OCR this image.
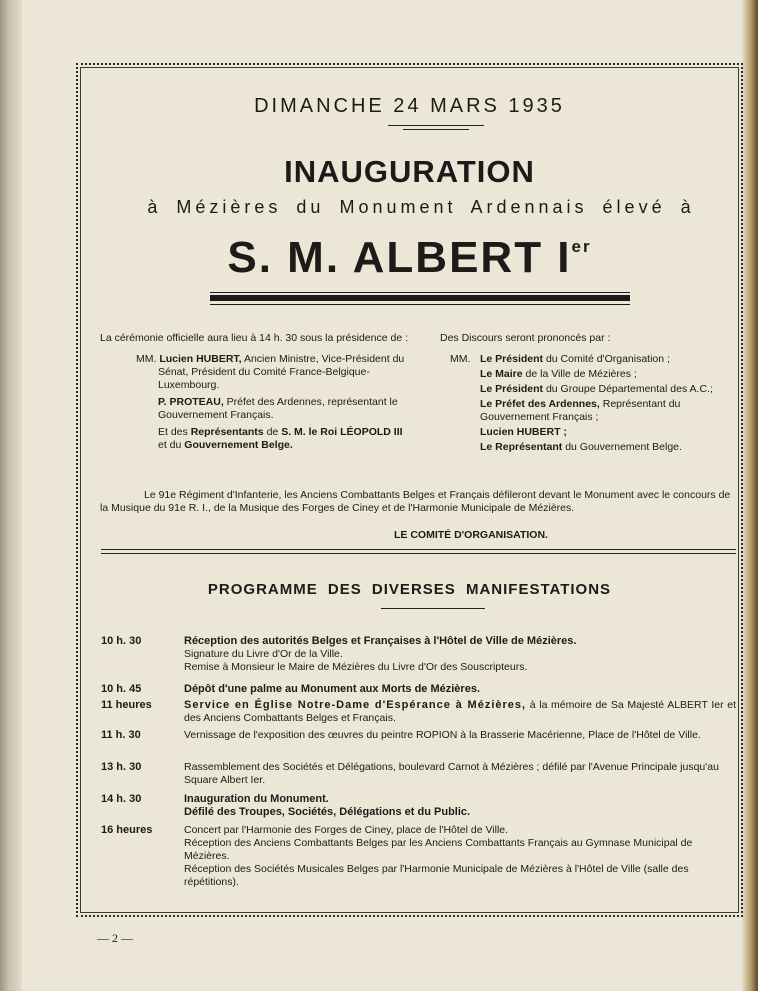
DIMANCHE 24 MARS 1935
INAUGURATION
à Mézières du Monument Ardennais élevé à
S. M. ALBERT Ier

La cérémonie officielle aura lieu à 14 h. 30 sous la présidence de :

MM. Lucien HUBERT, Ancien Ministre, Vice-Président du Sénat, Président du Comité France-Belgique-Luxembourg.

P. PROTEAU, Préfet des Ardennes, représentant le Gouvernement Français.

Et des Représentants de S. M. le Roi LÉOPOLD III et du Gouvernement Belge.

Des Discours seront prononcés par :

MM. Le Président du Comité d'Organisation ;

Le Maire de la Ville de Mézières ;

Le Président du Groupe Départemental des A.C.;

Le Préfet des Ardennes, Représentant du Gouvernement Français ;

Lucien HUBERT ;

Le Représentant du Gouvernement Belge.

Le 91e Régiment d'Infanterie, les Anciens Combattants Belges et Français défileront devant le Monument avec le concours de la Musique du 91e R. I., de la Musique des Forges de Ciney et de l'Harmonie Municipale de Mézières.
LE COMITÉ D'ORGANISATION.
PROGRAMME DES DIVERSES MANIFESTATIONS
10 h. 30	Réception des autorités Belges et Françaises à l'Hôtel de Ville de Mézières.
Signature du Livre d'Or de la Ville.
Remise à Monsieur le Maire de Mézières du Livre d'Or des Souscripteurs.
10 h. 45	Dépôt d'une palme au Monument aux Morts de Mézières.
11 heures	Service en Église Notre-Dame d'Espérance à Mézières, à la mémoire de Sa Majesté ALBERT Ier et des Anciens Combattants Belges et Français.
11 h. 30	Vernissage de l'exposition des œuvres du peintre ROPION à la Brasserie Macérienne, Place de l'Hôtel de Ville.
13 h. 30	Rassemblement des Sociétés et Délégations, boulevard Carnot à Mézières ; défilé par l'Avenue Principale jusqu'au Square Albert Ier.
14 h. 30	Inauguration du Monument.
Défilé des Troupes, Sociétés, Délégations et du Public.
16 heures	Concert par l'Harmonie des Forges de Ciney, place de l'Hôtel de Ville.
Réception des Anciens Combattants Belges par les Anciens Combattants Français au Gymnase Municipal de Mézières.
Réception des Sociétés Musicales Belges par l'Harmonie Municipale de Mézières à l'Hôtel de Ville (salle des répétitions).
— 2 —
